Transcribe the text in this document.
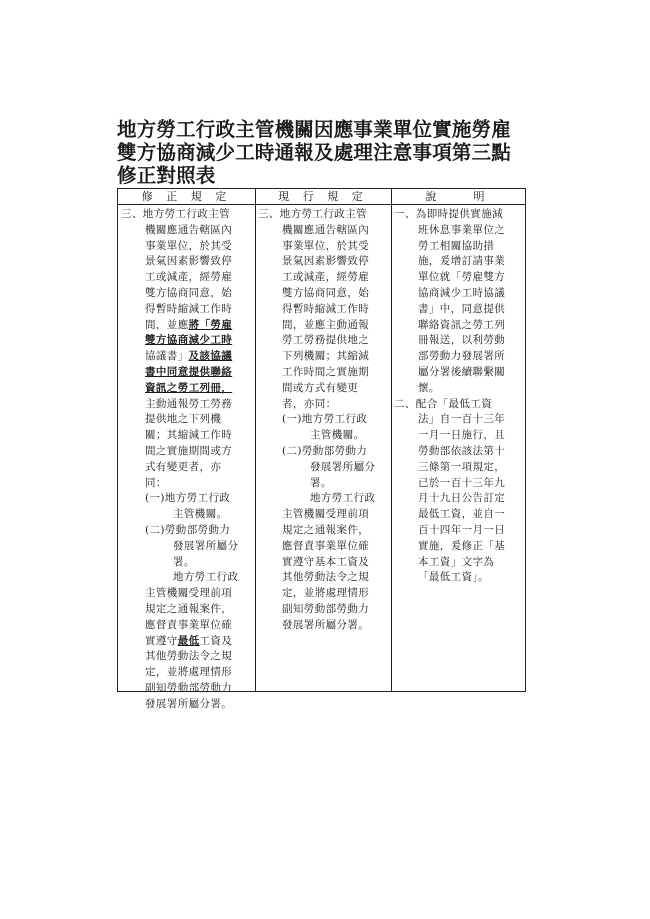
地方勞工行政主管機關因應事業單位實施勞雇
雙方協商減少工時通報及處理注意事項第三點
修正對照表
修 正 規 定	現 行 規 定	說　　明
三、地方勞工行政主管
機關應通告轄區內
事業單位，於其受
景氣因素影響致停
工或減產，經勞雇
雙方協商同意，始
得暫時縮減工作時
間，並應將「勞雇
雙方協商減少工時
協議書」及該協議
書中同意提供聯絡
資訊之勞工列冊，
主動通報勞工勞務
提供地之下列機
關；其縮減工作時
間之實施期間或方
式有變更者，亦
同：
(一)地方勞工行政
主管機關。
(二)勞動部勞動力
發展署所屬分
署。
地方勞工行政
主管機關受理前項
規定之通報案件，
應督責事業單位確
實遵守最低工資及
其他勞動法令之規
定，並將處理情形
副知勞動部勞動力
發展署所屬分署。
三、地方勞工行政主管
機關應通告轄區內
事業單位，於其受
景氣因素影響致停
工或減產，經勞雇
雙方協商同意，始
得暫時縮減工作時
間，並應主動通報
勞工勞務提供地之
下列機關；其縮減
工作時間之實施期
間或方式有變更
者，亦同：
(一)地方勞工行政
主管機關。
(二)勞動部勞動力
發展署所屬分
署。
地方勞工行政
主管機關受理前項
規定之通報案件，
應督責事業單位確
實遵守基本工資及
其他勞動法令之規
定，並將處理情形
副知勞動部勞動力
發展署所屬分署。
一、為即時提供實施減
班休息事業單位之
勞工相關協助措
施，爰增訂請事業
單位就「勞雇雙方
協商減少工時協議
書」中，同意提供
聯絡資訊之勞工列
冊報送，以利勞動
部勞動力發展署所
屬分署後續聯繫關
懷。
二、配合「最低工資
法」自一百十三年
一月一日施行，且
勞動部依該法第十
三條第一項規定，
已於一百十三年九
月十九日公告訂定
最低工資，並自一
百十四年一月一日
實施，爰修正「基
本工資」文字為
「最低工資」。
